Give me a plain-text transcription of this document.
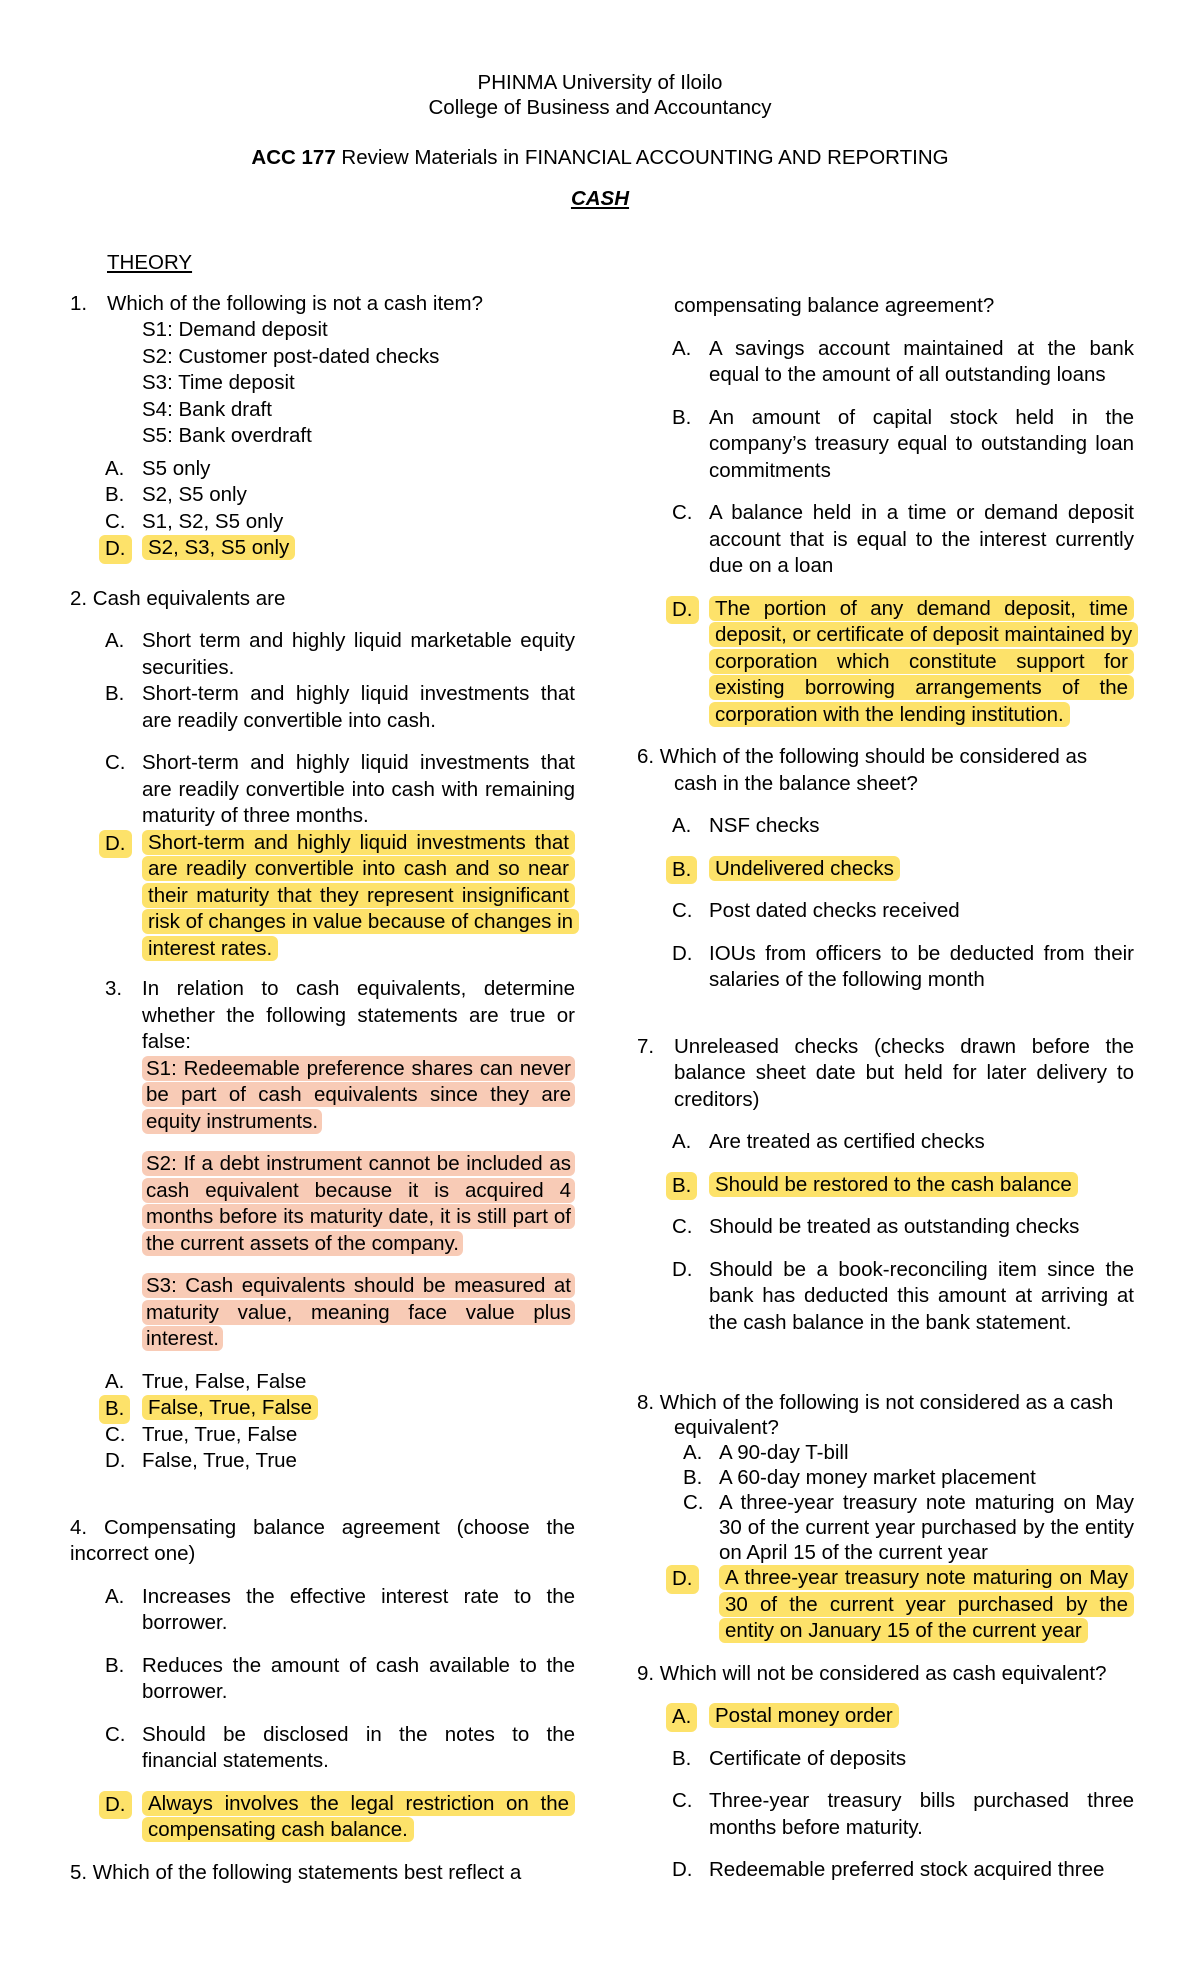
PHINMA University of Iloilo
College of Business and Accountancy
ACC 177 Review Materials in FINANCIAL ACCOUNTING AND REPORTING
CASH
THEORY
1. Which of the following is not a cash item?
S1: Demand deposit
S2: Customer post-dated checks
S3: Time deposit
S4: Bank draft
S5: Bank overdraft
A. S5 only
B. S2, S5 only
C. S1, S2, S5 only
D. S2, S3, S5 only
2. Cash equivalents are
A. Short term and highly liquid marketable equity securities.
B. Short-term and highly liquid investments that are readily convertible into cash.
C. Short-term and highly liquid investments that are readily convertible into cash with remaining maturity of three months.
D. Short-term and highly liquid investments that are readily convertible into cash and so near their maturity that they represent insignificant risk of changes in value because of changes in interest rates.
3. In relation to cash equivalents, determine whether the following statements are true or false:
S1: Redeemable preference shares can never be part of cash equivalents since they are equity instruments.
S2: If a debt instrument cannot be included as cash equivalent because it is acquired 4 months before its maturity date, it is still part of the current assets of the company.
S3: Cash equivalents should be measured at maturity value, meaning face value plus interest.
A. True, False, False
B. False, True, False
C. True, True, False
D. False, True, True
4. Compensating balance agreement (choose the incorrect one)
A. Increases the effective interest rate to the borrower.
B. Reduces the amount of cash available to the borrower.
C. Should be disclosed in the notes to the financial statements.
D. Always involves the legal restriction on the compensating cash balance.
5. Which of the following statements best reflect a
compensating balance agreement?
A. A savings account maintained at the bank equal to the amount of all outstanding loans
B. An amount of capital stock held in the company’s treasury equal to outstanding loan commitments
C. A balance held in a time or demand deposit account that is equal to the interest currently due on a loan
D. The portion of any demand deposit, time deposit, or certificate of deposit maintained by corporation which constitute support for existing borrowing arrangements of the corporation with the lending institution.
6. Which of the following should be considered as
cash in the balance sheet?
A. NSF checks
B. Undelivered checks
C. Post dated checks received
D. IOUs from officers to be deducted from their salaries of the following month
7. Unreleased checks (checks drawn before the balance sheet date but held for later delivery to creditors)
A. Are treated as certified checks
B. Should be restored to the cash balance
C. Should be treated as outstanding checks
D. Should be a book-reconciling item since the bank has deducted this amount at arriving at the cash balance in the bank statement.
8. Which of the following is not considered as a cash
equivalent?
A. A 90-day T-bill
B. A 60-day money market placement
C. A three-year treasury note maturing on May 30 of the current year purchased by the entity on April 15 of the current year
D. A three-year treasury note maturing on May 30 of the current year purchased by the entity on January 15 of the current year
9. Which will not be considered as cash equivalent?
A. Postal money order
B. Certificate of deposits
C. Three-year treasury bills purchased three months before maturity.
D. Redeemable preferred stock acquired three
